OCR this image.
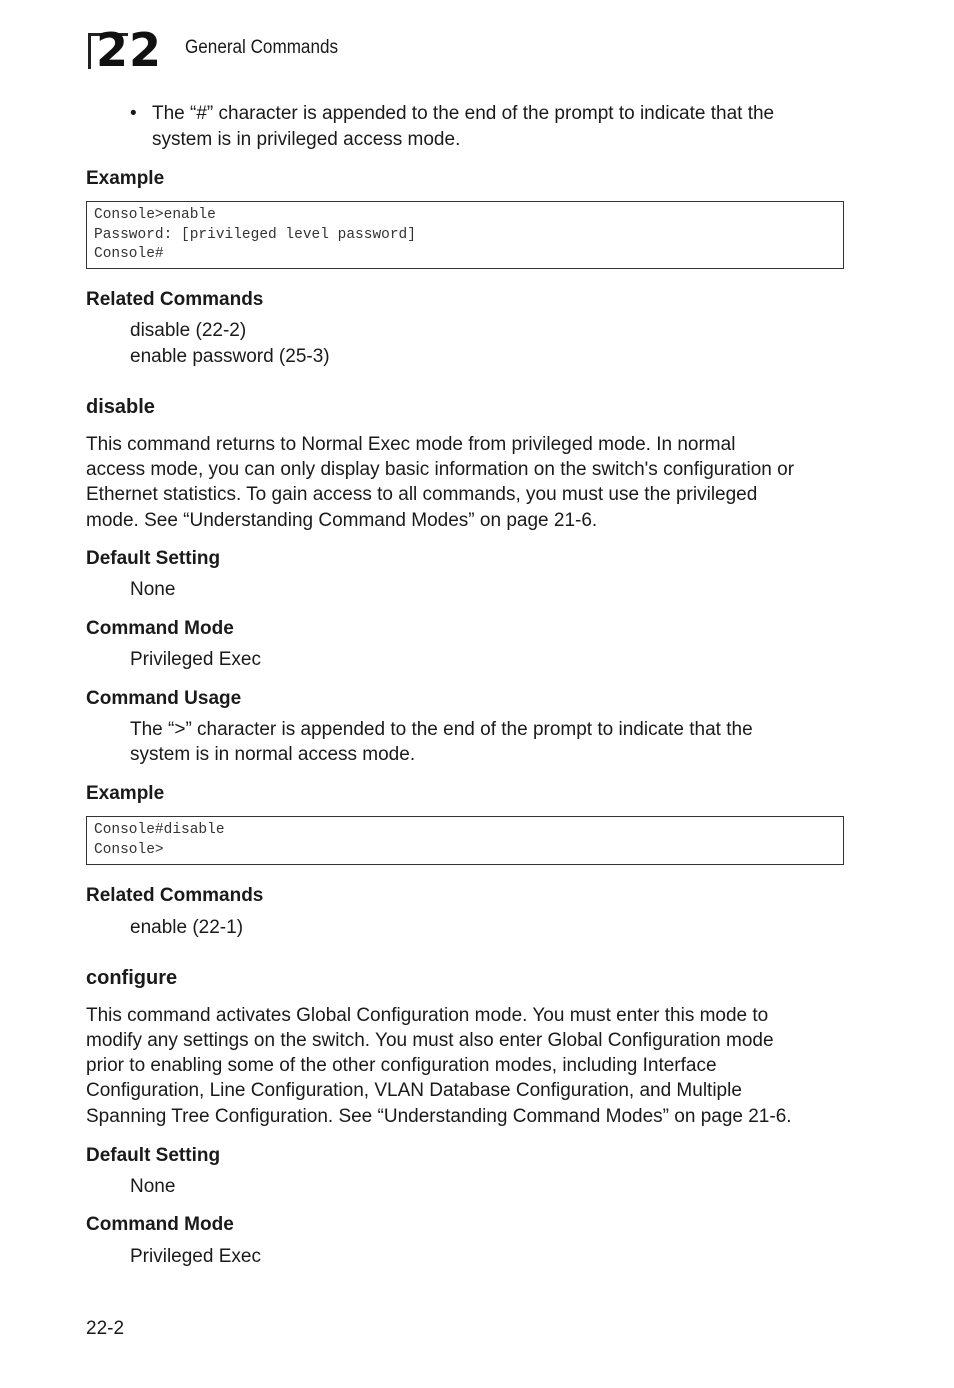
22 General Commands
• The “#” character is appended to the end of the prompt to indicate that the
system is in privileged access mode.
Example
Console>enable
Password: [privileged level password]
Console#
Related Commands
disable (22-2)
enable password (25-3)
disable
This command returns to Normal Exec mode from privileged mode. In normal
access mode, you can only display basic information on the switch's configuration or
Ethernet statistics. To gain access to all commands, you must use the privileged
mode. See “Understanding Command Modes” on page 21-6.
Default Setting
None
Command Mode
Privileged Exec
Command Usage
The “>” character is appended to the end of the prompt to indicate that the
system is in normal access mode.
Example
Console#disable
Console>
Related Commands
enable (22-1)
configure
This command activates Global Configuration mode. You must enter this mode to
modify any settings on the switch. You must also enter Global Configuration mode
prior to enabling some of the other configuration modes, including Interface
Configuration, Line Configuration, VLAN Database Configuration, and Multiple
Spanning Tree Configuration. See “Understanding Command Modes” on page 21-6.
Default Setting
None
Command Mode
Privileged Exec
22-2
